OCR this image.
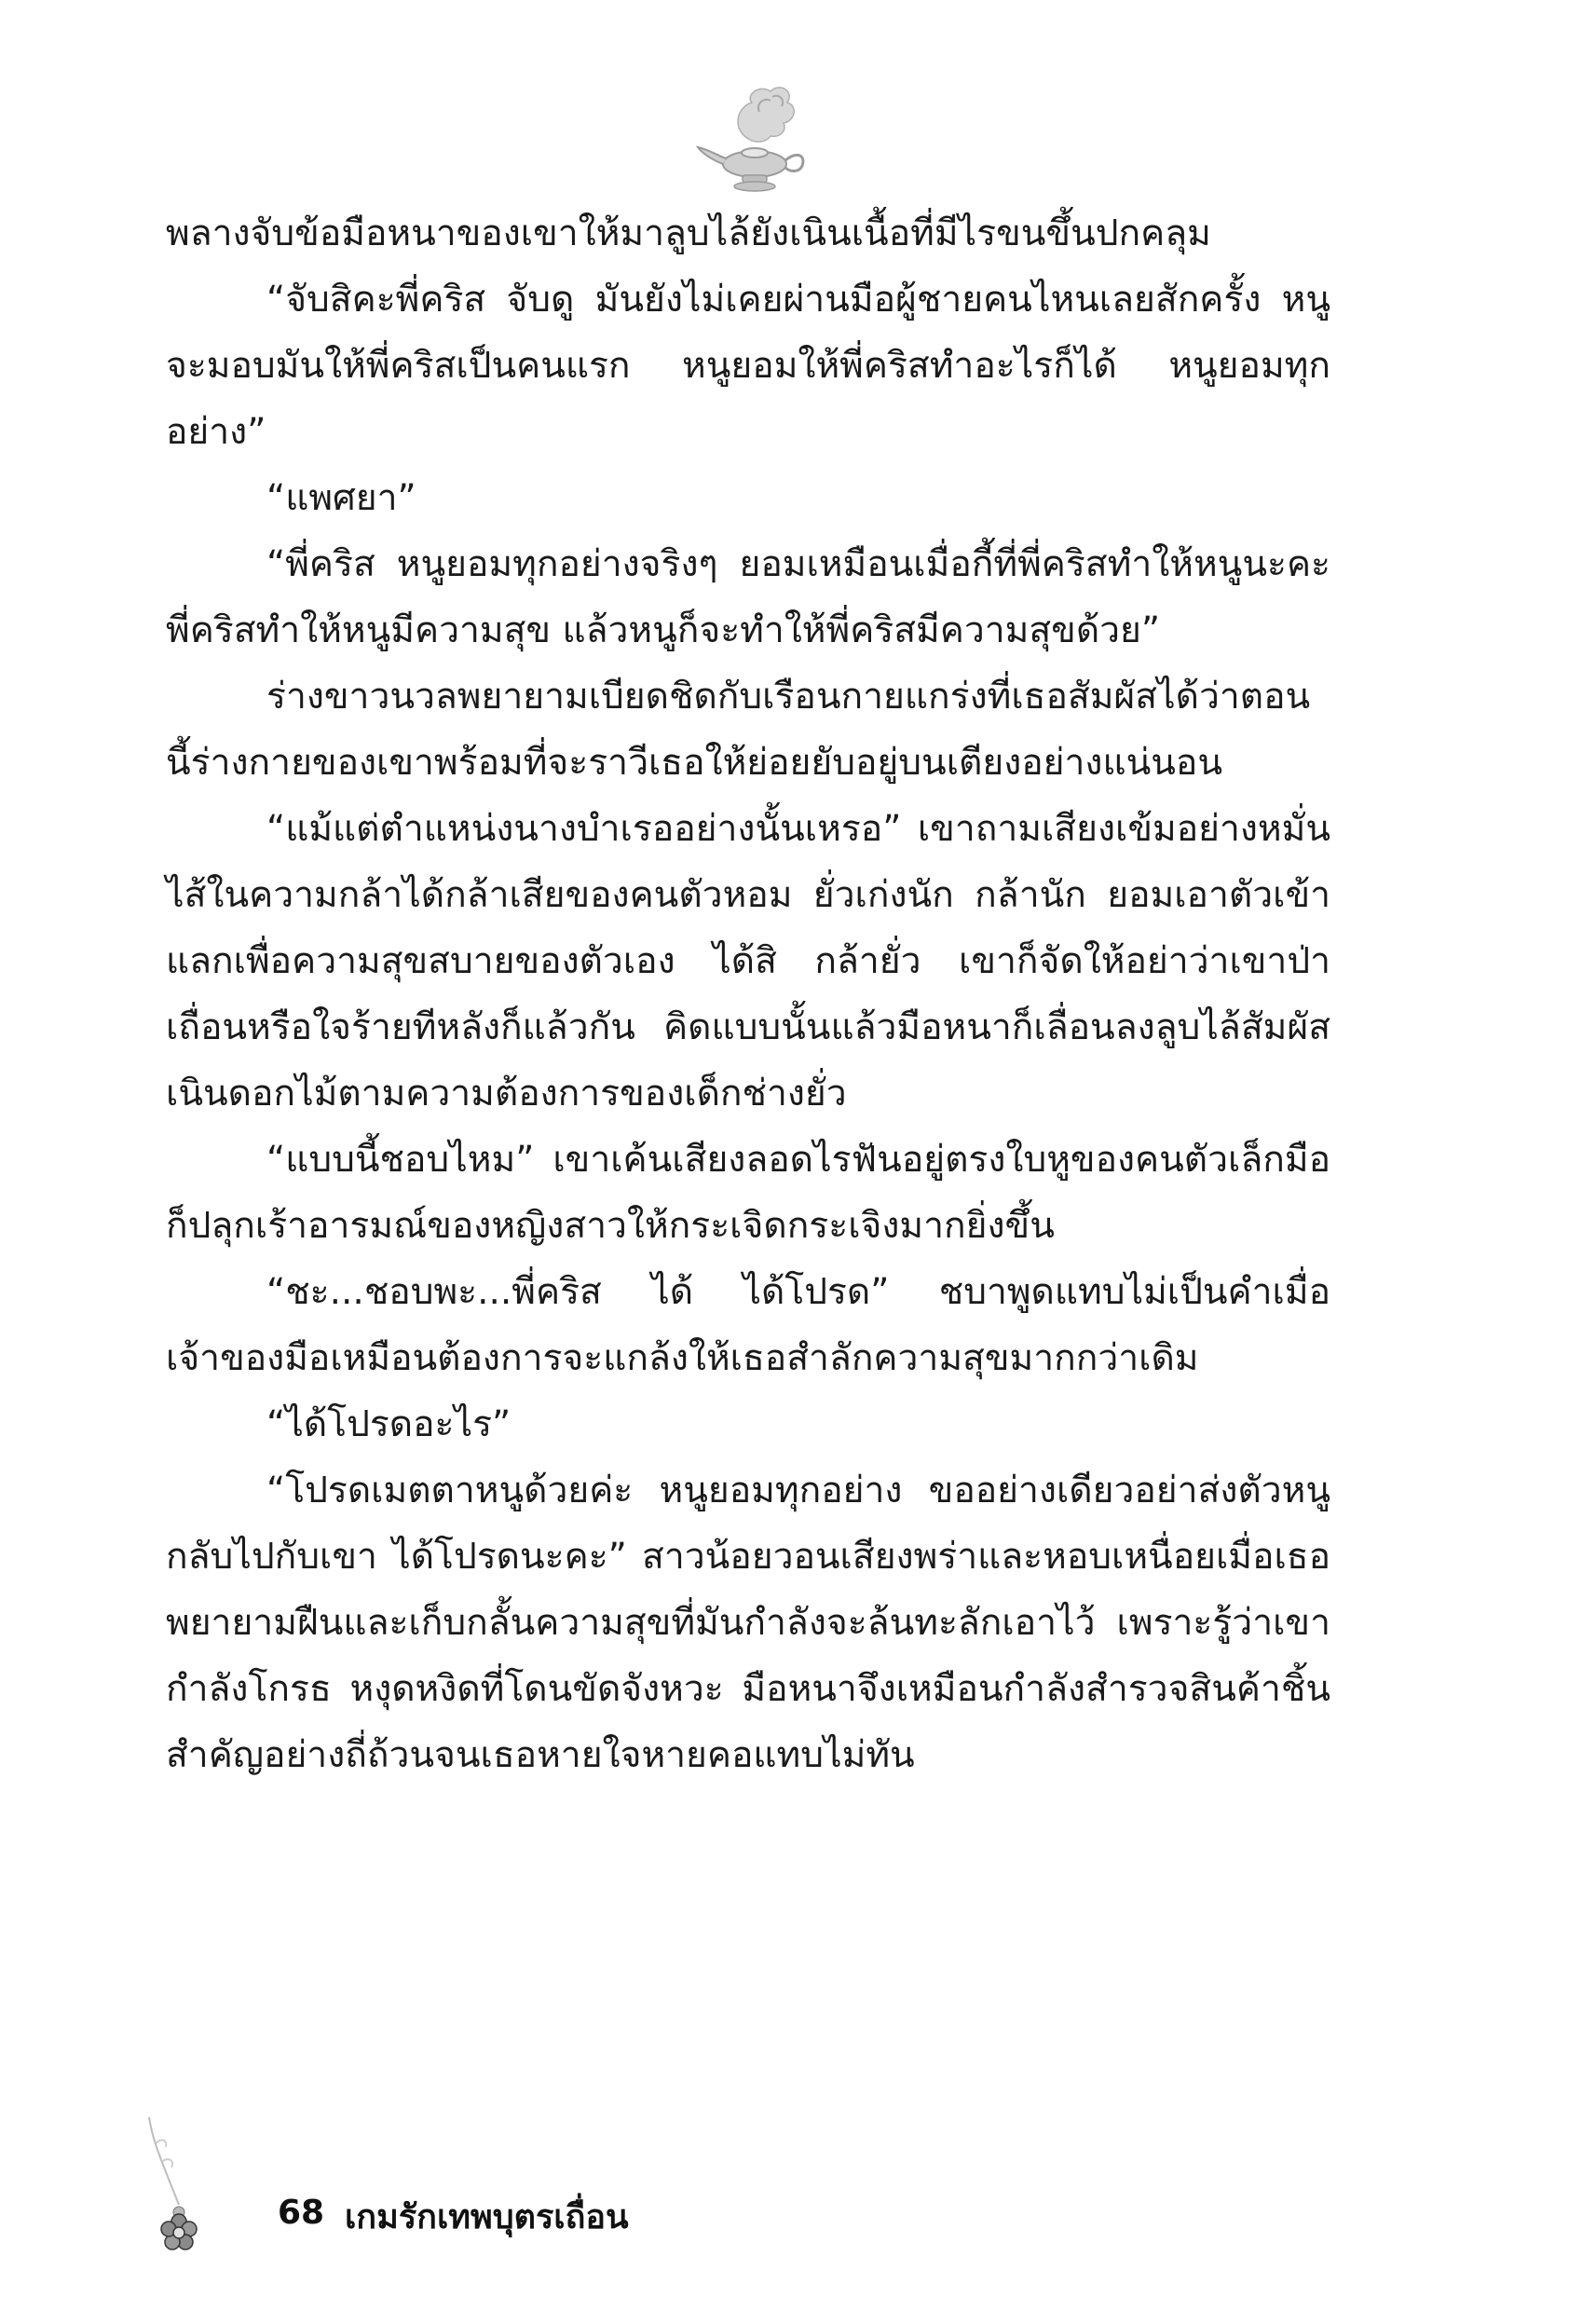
พลางจับข้อมือหนาของเขาให้มาลูบไล้ยังเนินเนื้อที่มีไรขนขึ้นปกคลุม

“จับสิคะพี่คริส จับดู มันยังไม่เคยผ่านมือผู้ชายคนไหนเลยสักครั้ง หนูจะมอบมันให้พี่คริสเป็นคนแรก หนูยอมให้พี่คริสทำอะไรก็ได้ หนูยอมทุกอย่าง”

“แพศยา”

“พี่คริส หนูยอมทุกอย่างจริงๆ ยอมเหมือนเมื่อกี้ที่พี่คริสทำให้หนูนะคะ พี่คริสทำให้หนูมีความสุข แล้วหนูก็จะทำให้พี่คริสมีความสุขด้วย”

ร่างขาวนวลพยายามเบียดชิดกับเรือนกายแกร่งที่เธอสัมผัสได้ว่าตอนนี้ร่างกายของเขาพร้อมที่จะราวีเธอให้ย่อยยับอยู่บนเตียงอย่างแน่นอน

“แม้แต่ตำแหน่งนางบำเรออย่างนั้นเหรอ” เขาถามเสียงเข้มอย่างหมั่นไส้ในความกล้าได้กล้าเสียของคนตัวหอม ยั่วเก่งนัก กล้านัก ยอมเอาตัวเข้าแลกเพื่อความสุขสบายของตัวเอง ได้สิ กล้ายั่ว เขาก็จัดให้อย่าว่าเขาป่าเถื่อนหรือใจร้ายทีหลังก็แล้วกัน คิดแบบนั้นแล้วมือหนาก็เลื่อนลงลูบไล้สัมผัสเนินดอกไม้ตามความต้องการของเด็กช่างยั่ว

“แบบนี้ชอบไหม” เขาเค้นเสียงลอดไรฟันอยู่ตรงใบหูของคนตัวเล็กมือก็ปลุกเร้าอารมณ์ของหญิงสาวให้กระเจิดกระเจิงมากยิ่งขึ้น

“ชะ...ชอบพะ...พี่คริส ได้ ได้โปรด” ชบาพูดแทบไม่เป็นคำเมื่อเจ้าของมือเหมือนต้องการจะแกล้งให้เธอสำลักความสุขมากกว่าเดิม

“ได้โปรดอะไร”

“โปรดเมตตาหนูด้วยค่ะ หนูยอมทุกอย่าง ขออย่างเดียวอย่าส่งตัวหนูกลับไปกับเขา ได้โปรดนะคะ” สาวน้อยวอนเสียงพร่าและหอบเหนื่อยเมื่อเธอพยายามฝืนและเก็บกลั้นความสุขที่มันกำลังจะล้นทะลักเอาไว้ เพราะรู้ว่าเขากำลังโกรธ หงุดหงิดที่โดนขัดจังหวะ มือหนาจึงเหมือนกำลังสำรวจสินค้าชิ้นสำคัญอย่างถี่ถ้วนจนเธอหายใจหายคอแทบไม่ทัน

68 เกมรักเทพบุตรเถื่อน
